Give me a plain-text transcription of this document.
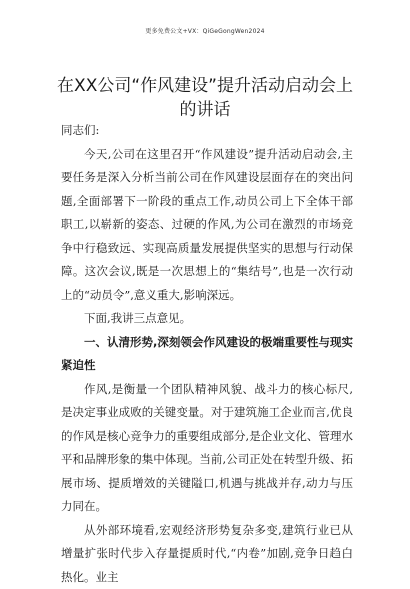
更多免费公文+VX：QiGeGongWen2024
在XX公司“作风建设”提升活动启动会上的讲话

同志们:

今天,公司在这里召开“作风建设”提升活动启动会,主要任务是深入分析当前公司在作风建设层面存在的突出问题,全面部署下一阶段的重点工作,动员公司上下全体干部职工,以崭新的姿态、过硬的作风,为公司在激烈的市场竞争中行稳致远、实现高质量发展提供坚实的思想与行动保障。这次会议,既是一次思想上的“集结号”,也是一次行动上的“动员令”,意义重大,影响深远。

下面,我讲三点意见。

一、认清形势,深刻领会作风建设的极端重要性与现实紧迫性

作风,是衡量一个团队精神风貌、战斗力的核心标尺,是决定事业成败的关键变量。对于建筑施工企业而言,优良的作风是核心竞争力的重要组成部分,是企业文化、管理水平和品牌形象的集中体现。当前,公司正处在转型升级、拓展市场、提质增效的关键隘口,机遇与挑战并存,动力与压力同在。

从外部环境看,宏观经济形势复杂多变,建筑行业已从增量扩张时代步入存量提质时代,“内卷”加剧,竞争日趋白热化。业主
